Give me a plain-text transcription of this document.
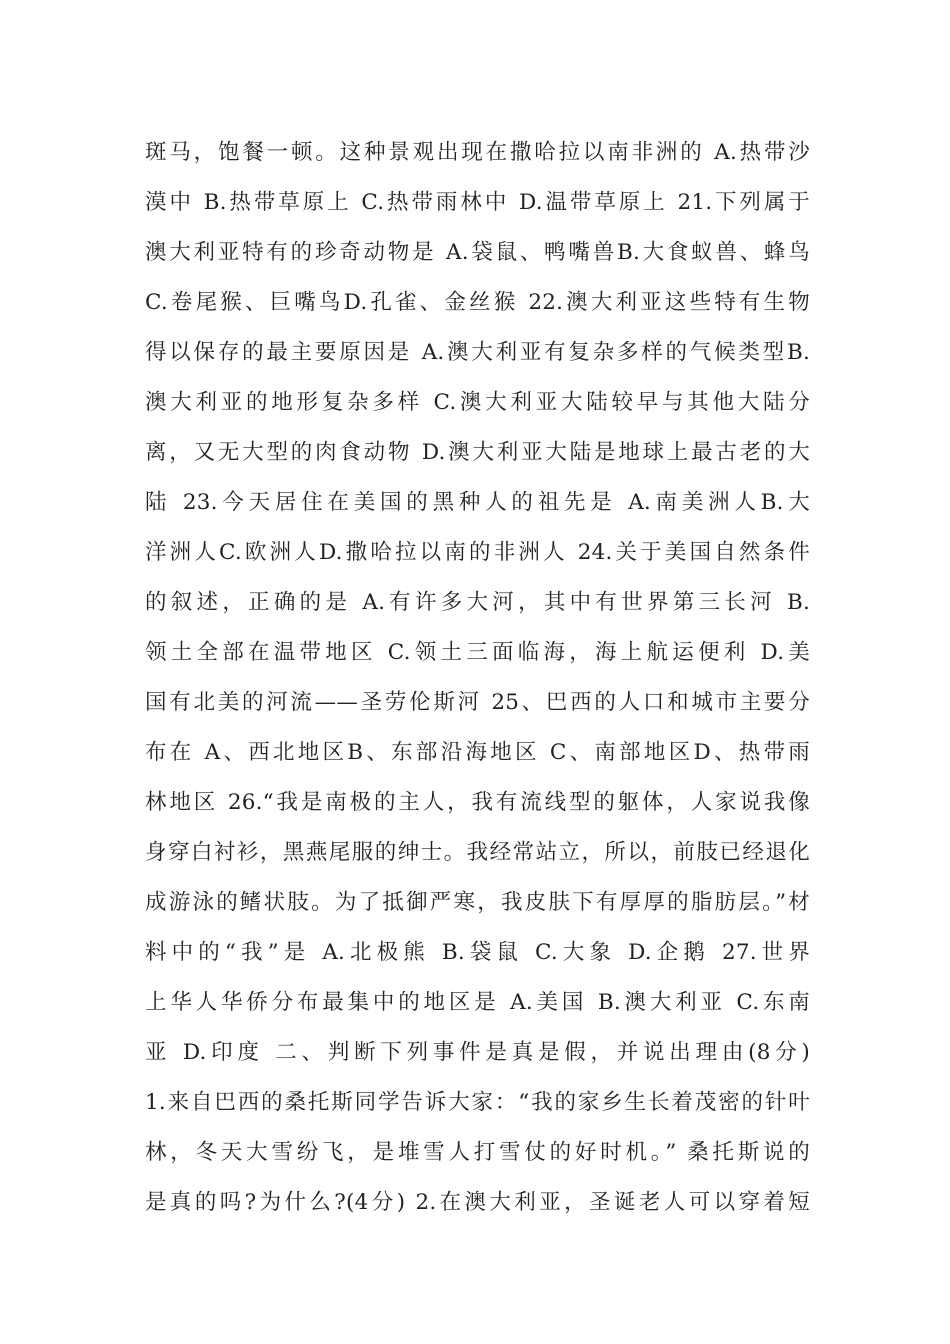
斑马，饱餐一顿。这种景观出现在撒哈拉以南非洲的 A.热带沙
漠中 B.热带草原上 C.热带雨林中 D.温带草原上 21.下列属于
澳大利亚特有的珍奇动物是 A.袋鼠、鸭嘴兽B.大食蚁兽、蜂鸟
C.卷尾猴、巨嘴鸟D.孔雀、金丝猴 22.澳大利亚这些特有生物
得以保存的最主要原因是 A.澳大利亚有复杂多样的气候类型B.
澳大利亚的地形复杂多样 C.澳大利亚大陆较早与其他大陆分
离，又无大型的肉食动物 D.澳大利亚大陆是地球上最古老的大
陆 23.今天居住在美国的黑种人的祖先是 A.南美洲人B.大
洋洲人C.欧洲人D.撒哈拉以南的非洲人 24.关于美国自然条件
的叙述，正确的是 A.有许多大河，其中有世界第三长河 B.
领土全部在温带地区 C.领土三面临海，海上航运便利 D.美
国有北美的河流——圣劳伦斯河 25、巴西的人口和城市主要分
布在 A、西北地区B、东部沿海地区 C、南部地区D、热带雨
林地区 26.“我是南极的主人，我有流线型的躯体，人家说我像
身穿白衬衫，黑燕尾服的绅士。我经常站立，所以，前肢已经退化
成游泳的鳍状肢。为了抵御严寒，我皮肤下有厚厚的脂肪层。”材
料中的“我”是 A.北极熊 B.袋鼠 C.大象 D.企鹅 27.世界
上华人华侨分布最集中的地区是 A.美国 B.澳大利亚 C.东南
亚 D.印度 二、判断下列事件是真是假，并说出理由(8分)
1.来自巴西的桑托斯同学告诉大家：“我的家乡生长着茂密的针叶
林，冬天大雪纷飞，是堆雪人打雪仗的好时机。” 桑托斯说的
是真的吗?为什么?(4分) 2.在澳大利亚，圣诞老人可以穿着短
